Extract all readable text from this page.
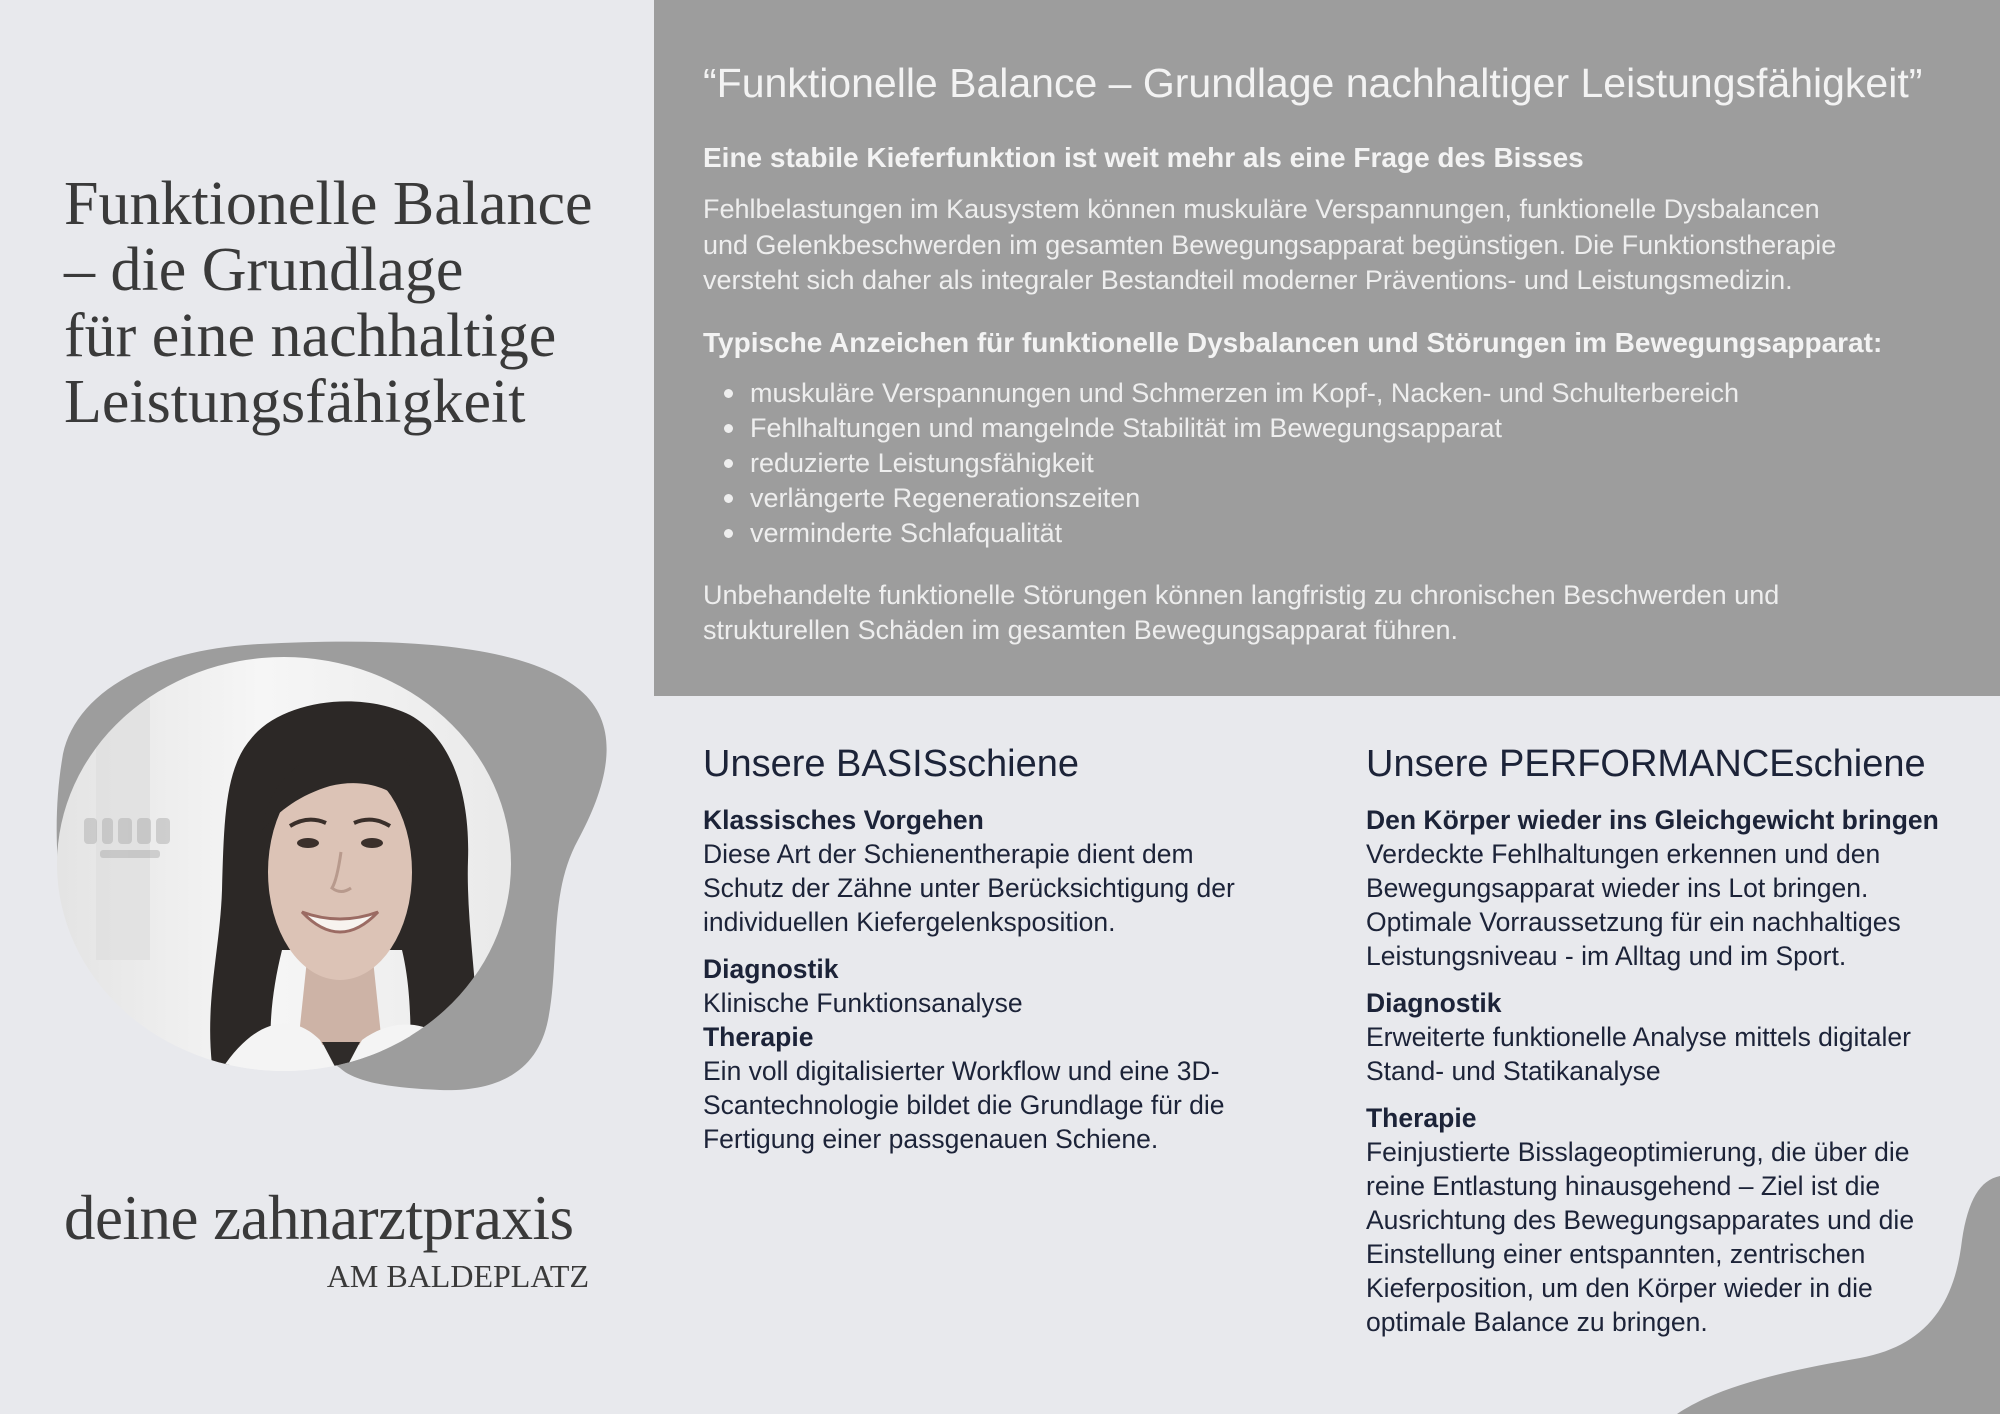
Funktionelle Balance
– die Grundlage
für eine nachhaltige
Leistungsfähigkeit
deine zahnarztpraxis
AM BALDEPLATZ

“Funktionelle Balance – Grundlage nachhaltiger Leistungsfähigkeit”

Eine stabile Kieferfunktion ist weit mehr als eine Frage des Bisses

Fehlbelastungen im Kausystem können muskuläre Verspannungen, funktionelle Dysbalancen
und Gelenkbeschwerden im gesamten Bewegungsapparat begünstigen. Die Funktionstherapie
versteht sich daher als integraler Bestandteil moderner Präventions- und Leistungsmedizin.

Typische Anzeichen für funktionelle Dysbalancen und Störungen im Bewegungsapparat:

muskuläre Verspannungen und Schmerzen im Kopf-, Nacken- und Schulterbereich
Fehlhaltungen und mangelnde Stabilität im Bewegungsapparat
reduzierte Leistungsfähigkeit
verlängerte Regenerationszeiten
verminderte Schlafqualität

Unbehandelte funktionelle Störungen können langfristig zu chronischen Beschwerden und
strukturellen Schäden im gesamten Bewegungsapparat führen.

Unsere BASISschiene
Klassisches Vorgehen
Diese Art der Schienentherapie dient dem
Schutz der Zähne unter Berücksichtigung der
individuellen Kiefergelenksposition.
Diagnostik
Klinische Funktionsanalyse
Therapie
Ein voll digitalisierter Workflow und eine 3D-
Scantechnologie bildet die Grundlage für die
Fertigung einer passgenauen Schiene.
Unsere PERFORMANCEschiene
Den Körper wieder ins Gleichgewicht bringen
Verdeckte Fehlhaltungen erkennen und den
Bewegungsapparat wieder ins Lot bringen.
Optimale Vorraussetzung für ein nachhaltiges
Leistungsniveau - im Alltag und im Sport.
Diagnostik
Erweiterte funktionelle Analyse mittels digitaler
Stand- und Statikanalyse
Therapie
Feinjustierte Bisslageoptimierung, die über die
reine Entlastung hinausgehend – Ziel ist die
Ausrichtung des Bewegungsapparates und die
Einstellung einer entspannten, zentrischen
Kieferposition, um den Körper wieder in die
optimale Balance zu bringen.
